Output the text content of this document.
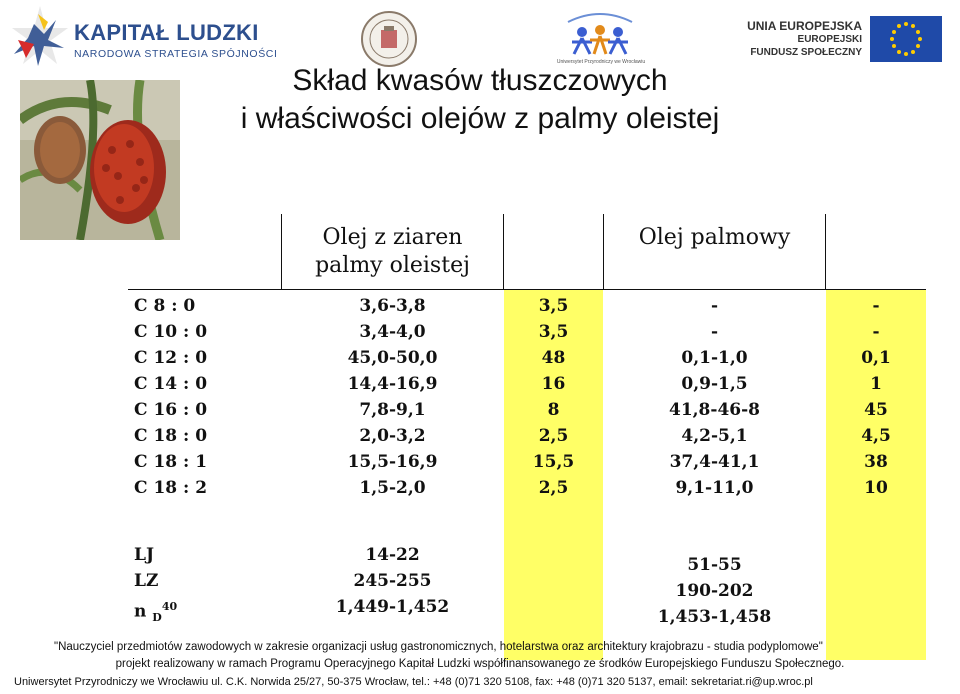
KAPITAŁ LUDZKI
NARODOWA STRATEGIA SPÓJNOŚCI
Uniwersytet Przyrodniczy we Wrocławiu
UNIA EUROPEJSKA
EUROPEJSKI
FUNDUSZ SPOŁECZNY
Skład kwasów tłuszczowych
i właściwości olejów z palmy oleistej
Olej z ziaren
palmy oleistej
Olej palmowy
C 8 : 0
C 10 : 0
C 12 : 0
C 14 : 0
C 16 : 0
C 18 : 0
C 18 : 1
C 18 : 2
3,6-3,8
3,4-4,0
45,0-50,0
14,4-16,9
7,8-9,1
2,0-3,2
15,5-16,9
1,5-2,0
3,5
3,5
48
16
8
2,5
15,5
2,5
-
-
0,1-1,0
0,9-1,5
41,8-46-8
4,2-5,1
37,4-41,1
9,1-11,0
-
-
0,1
1
45
4,5
38
10
LJ
LZ
n $_D^{40}$
14-22
245-255
1,449-1,452
51-55
190-202
1,453-1,458
"Nauczyciel przedmiotów zawodowych w zakresie organizacji usług gastronomicznych, hotelarstwa oraz architektury krajobrazu - studia podyplomowe"
projekt realizowany w ramach Programu Operacyjnego Kapitał Ludzki współfinansowanego ze środków Europejskiego Funduszu Społecznego.
Uniwersytet Przyrodniczy we Wrocławiu ul. C.K. Norwida 25/27, 50-375 Wrocław, tel.: +48 (0)71 320 5108, fax: +48 (0)71 320 5137, email: sekretariat.ri@up.wroc.pl
